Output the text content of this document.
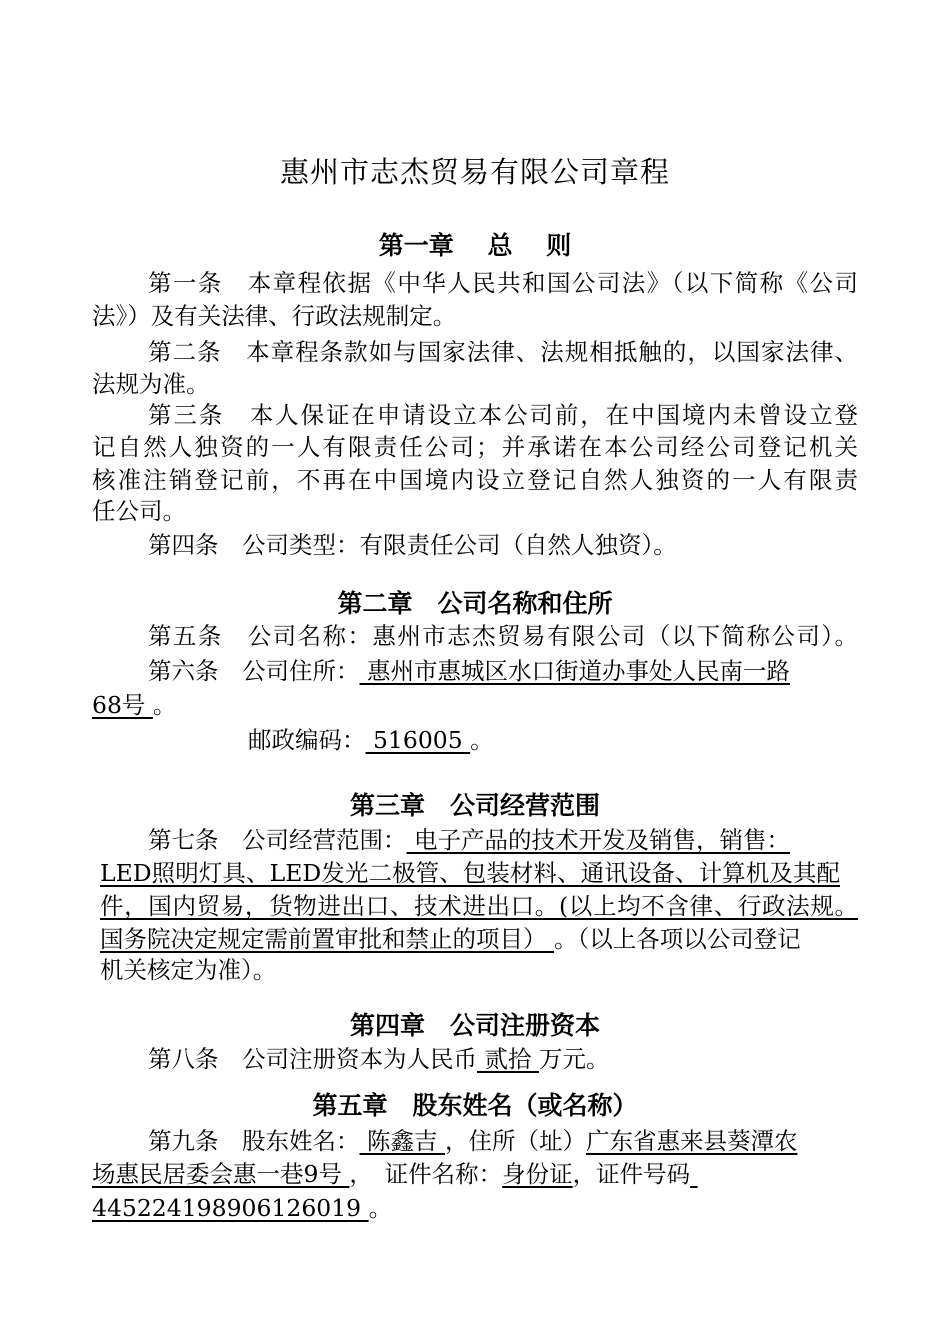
惠州市志杰贸易有限公司章程
第一章　 总　 则
第一条　本章程依据《中华人民共和国公司法》（以下简称《公司
法》）及有关法律、行政法规制定。
第二条　本章程条款如与国家法律、法规相抵触的，以国家法律、
法规为准。
第三条　本人保证在申请设立本公司前，在中国境内未曾设立登
记自然人独资的一人有限责任公司；并承诺在本公司经公司登记机关
核准注销登记前，不再在中国境内设立登记自然人独资的一人有限责
任公司。
第四条　公司类型：有限责任公司（自然人独资）。
第二章　公司名称和住所
第五条　公司名称：惠州市志杰贸易有限公司（以下简称公司）。
第六条　公司住所： 惠州市惠城区水口街道办事处人民南一路
68号 。
邮政编码： 516005 。
第三章　公司经营范围
第七条　公司经营范围： 电子产品的技术开发及销售，销售：
LED照明灯具、LED发光二极管、包装材料、通讯设备、计算机及其配
件，国内贸易，货物进出口、技术进出口。(以上均不含律、行政法规。
国务院决定规定需前置审批和禁止的项目） 。（以上各项以公司登记
机关核定为准）。
第四章　公司注册资本
第八条　公司注册资本为人民币 贰拾 万元。
第五章　股东姓名（或名称）
第九条　股东姓名： 陈鑫吉 ，住所（址）广东省惠来县葵潭农
场惠民居委会惠一巷9号 ，　证件名称：身份证，证件号码
445224198906126019 。
